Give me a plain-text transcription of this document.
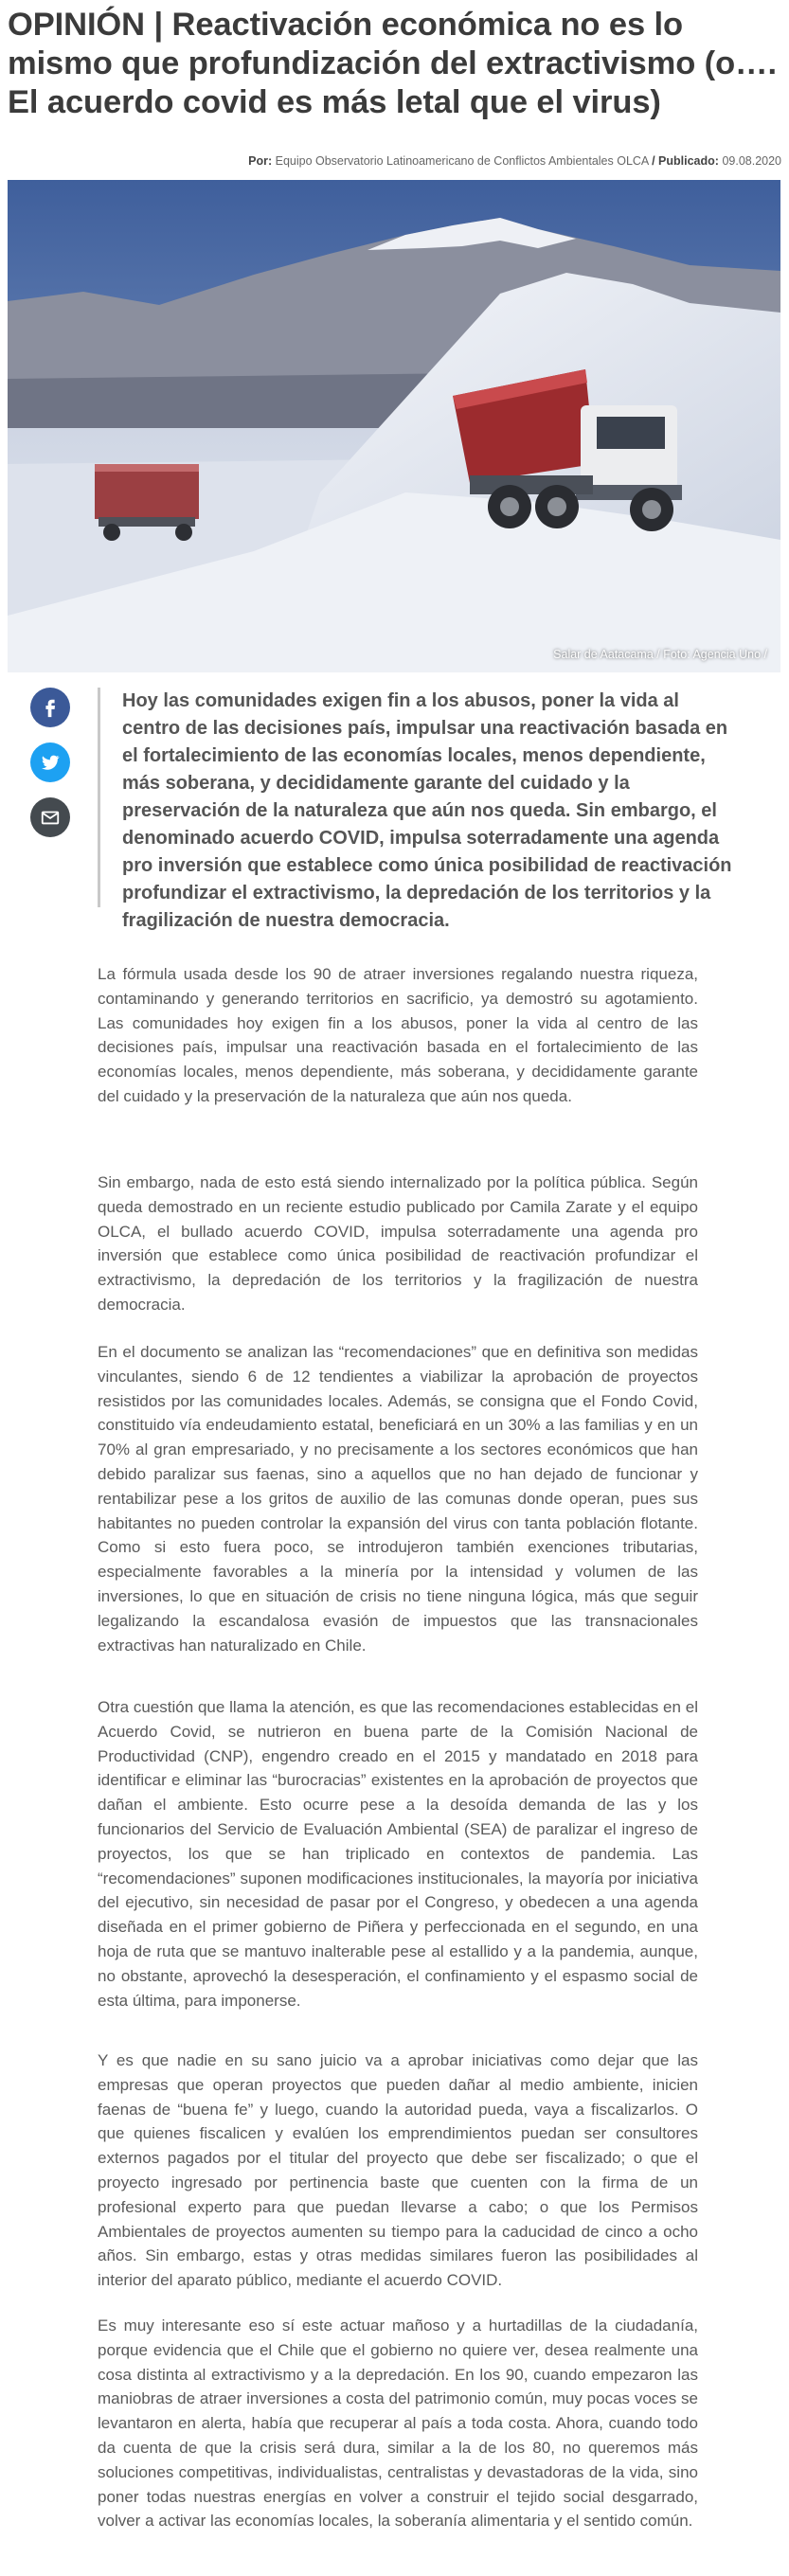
OPINIÓN | Reactivación económica no es lo mismo que profundización del extractivismo (o…. El acuerdo covid es más letal que el virus)
Por: Equipo Observatorio Latinoamericano de Conflictos Ambientales OLCA / Publicado: 09.08.2020
Salar de Aatacama / Foto: Agencia Uno /
Hoy las comunidades exigen fin a los abusos, poner la vida al centro de las decisiones país, impulsar una reactivación basada en el fortalecimiento de las economías locales, menos dependiente, más soberana, y decididamente garante del cuidado y la preservación de la naturaleza que aún nos queda. Sin embargo, el denominado acuerdo COVID, impulsa soterradamente una agenda pro inversión que establece como única posibilidad de reactivación profundizar el extractivismo, la depredación de los territorios y la fragilización de nuestra democracia.

La fórmula usada desde los 90 de atraer inversiones regalando nuestra riqueza, contaminando y generando territorios en sacrificio, ya demostró su agotamiento. Las comunidades hoy exigen fin a los abusos, poner la vida al centro de las decisiones país, impulsar una reactivación basada en el fortalecimiento de las economías locales, menos dependiente, más soberana, y decididamente garante del cuidado y la preservación de la naturaleza que aún nos queda.

Sin embargo, nada de esto está siendo internalizado por la política pública. Según queda demostrado en un reciente estudio publicado por Camila Zarate y el equipo OLCA, el bullado acuerdo COVID, impulsa soterradamente una agenda pro inversión que establece como única posibilidad de reactivación profundizar el extractivismo, la depredación de los territorios y la fragilización de nuestra democracia.

En el documento se analizan las “recomendaciones” que en definitiva son medidas vinculantes, siendo 6 de 12 tendientes a viabilizar la aprobación de proyectos resistidos por las comunidades locales. Además, se consigna que el Fondo Covid, constituido vía endeudamiento estatal, beneficiará en un 30% a las familias y en un 70% al gran empresariado, y no precisamente a los sectores económicos que han debido paralizar sus faenas, sino a aquellos que no han dejado de funcionar y rentabilizar pese a los gritos de auxilio de las comunas donde operan, pues sus habitantes no pueden controlar la expansión del virus con tanta población flotante. Como si esto fuera poco, se introdujeron también exenciones tributarias, especialmente favorables a la minería por la intensidad y volumen de las inversiones, lo que en situación de crisis no tiene ninguna lógica, más que seguir legalizando la escandalosa evasión de impuestos que las transnacionales extractivas han naturalizado en Chile.

Otra cuestión que llama la atención, es que las recomendaciones establecidas en el Acuerdo Covid, se nutrieron en buena parte de la Comisión Nacional de Productividad (CNP), engendro creado en el 2015 y mandatado en 2018 para identificar e eliminar las “burocracias” existentes en la aprobación de proyectos que dañan el ambiente. Esto ocurre pese a la desoída demanda de las y los funcionarios del Servicio de Evaluación Ambiental (SEA) de paralizar el ingreso de proyectos, los que se han triplicado en contextos de pandemia. Las “recomendaciones” suponen modificaciones institucionales, la mayoría por iniciativa del ejecutivo, sin necesidad de pasar por el Congreso, y obedecen a una agenda diseñada en el primer gobierno de Piñera y perfeccionada en el segundo, en una hoja de ruta que se mantuvo inalterable pese al estallido y a la pandemia, aunque, no obstante, aprovechó la desesperación, el confinamiento y el espasmo social de esta última, para imponerse.

Y es que nadie en su sano juicio va a aprobar iniciativas como dejar que las empresas que operan proyectos que pueden dañar al medio ambiente, inicien faenas de “buena fe” y luego, cuando la autoridad pueda, vaya a fiscalizarlos. O que quienes fiscalicen y evalúen los emprendimientos puedan ser consultores externos pagados por el titular del proyecto que debe ser fiscalizado; o que el proyecto ingresado por pertinencia baste que cuenten con la firma de un profesional experto para que puedan llevarse a cabo; o que los Permisos Ambientales de proyectos aumenten su tiempo para la caducidad de cinco a ocho años. Sin embargo, estas y otras medidas similares fueron las posibilidades al interior del aparato público, mediante el acuerdo COVID.

Es muy interesante eso sí este actuar mañoso y a hurtadillas de la ciudadanía, porque evidencia que el Chile que el gobierno no quiere ver, desea realmente una cosa distinta al extractivismo y a la depredación. En los 90, cuando empezaron las maniobras de atraer inversiones a costa del patrimonio común, muy pocas voces se levantaron en alerta, había que recuperar al país a toda costa. Ahora, cuando todo da cuenta de que la crisis será dura, similar a la de los 80, no queremos más soluciones competitivas, individualistas, centralistas y devastadoras de la vida, sino poner todas nuestras energías en volver a construir el tejido social desgarrado, volver a activar las economías locales, la soberanía alimentaria y el sentido común.
